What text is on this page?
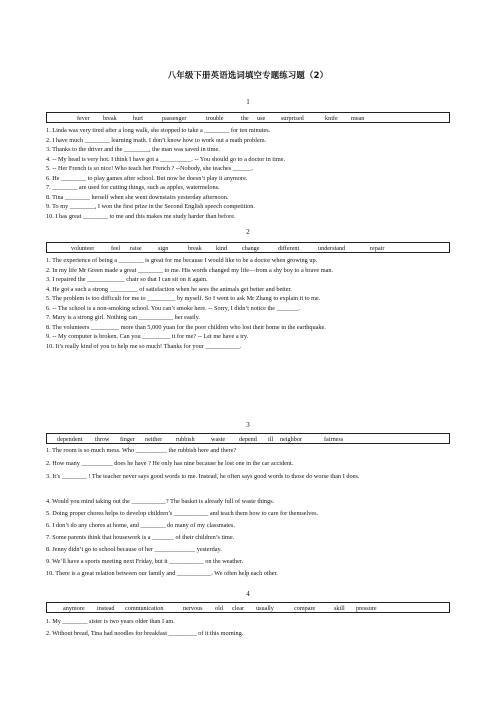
八年级下册英语选词填空专题练习题（2）
1
fever break	hurt	passenger	trouble	the use	surprised	knife mean
1. Linda was very tired after a long walk, she stopped to take a ________ for ten minutes.
2. I have much ________ learning math. I don’t know how to work out a math problem.
3. Thanks to the driver and the ________, the man was saved in time.
4. -- My head is very hot. I think I have got a __________. -- You should go to a doctor in time.
5. -- Her French is so nice! Who teach her French ? --Nobody, she teaches ______.
6. He ________ to play games after school. But now he doesn’t play it anymore.
7. ________ are used for cutting things, such as apples, watermelons.
8. Tina ________ herself when she went downstairs yesterday afternoon.
9. To my ________, I won the first prize in the Second English speech competition.
10. I has great ________ to me and this makes me study harder than before.
2
volunteer	feel raise	sign	break kind change	different	understand	repair
1. The experience of being a ________ is great for me because I would like to be a doctor when growing up.
2. In my life Mr Green made a great ________ to me. His words changed my life—from a shy boy to a brave man.
3. I repaired the ____________ chair so that I can sit on it again.
4. He got a such a strong _________ of satisfaction when he sees the animals get better and better.
5. The problem is too difficult for me to _________ by myself. So I went to ask Mr Zhang to explain it to me.
6. -- The school is a non-smoking school. You can’t smoke here. -- Sorry, I didn’t notice the _______.
7. Mary is a strong girl. Nothing can ___________ her easily.
8. The volunteers _________ more than 5,000 yuan for the poor children who lost their home in the earthquake.
9. -- My computer is broken. Can you _________ it for me? -- Let me have a try.
10. It’s really kind of you to help me so much! Thanks for your ___________.
3
dependent throw finger neither rubbish	waste depend ill neighbor	fairness
1. The room is so much mess. Who __________ the rubbish here and there?
2. How many __________ does he have ? He only has nine because he lost one in the car accident.
3. It’s ________ ! The teacher never says good words to me. Instead, he often says good words to those do worse than I does.
4. Would you mind taking out the ___________? The basket is already full of waste things.
5. Doing proper chores helps to develop children’s ___________ and teach them how to care for themselves.
6. I don’t do any chores at home, and ________ do many of my classmates.
7. Some parents think that housework is a _______ of their children’s time.
8. Jenny didn’t go to school because of her _____________ yesterday.
9. We’ll have a sports meeting next Friday, but it ___________ on the weather.
10. There is a great relation between our family and ___________. We often help each other.
4
anymore instead communication	nervous old clear usually	compare	skill pressure
1. My ________ sister is two years older than I am.
2. Without bread, Tina had noodles for breakfast _________ of it this morning.
